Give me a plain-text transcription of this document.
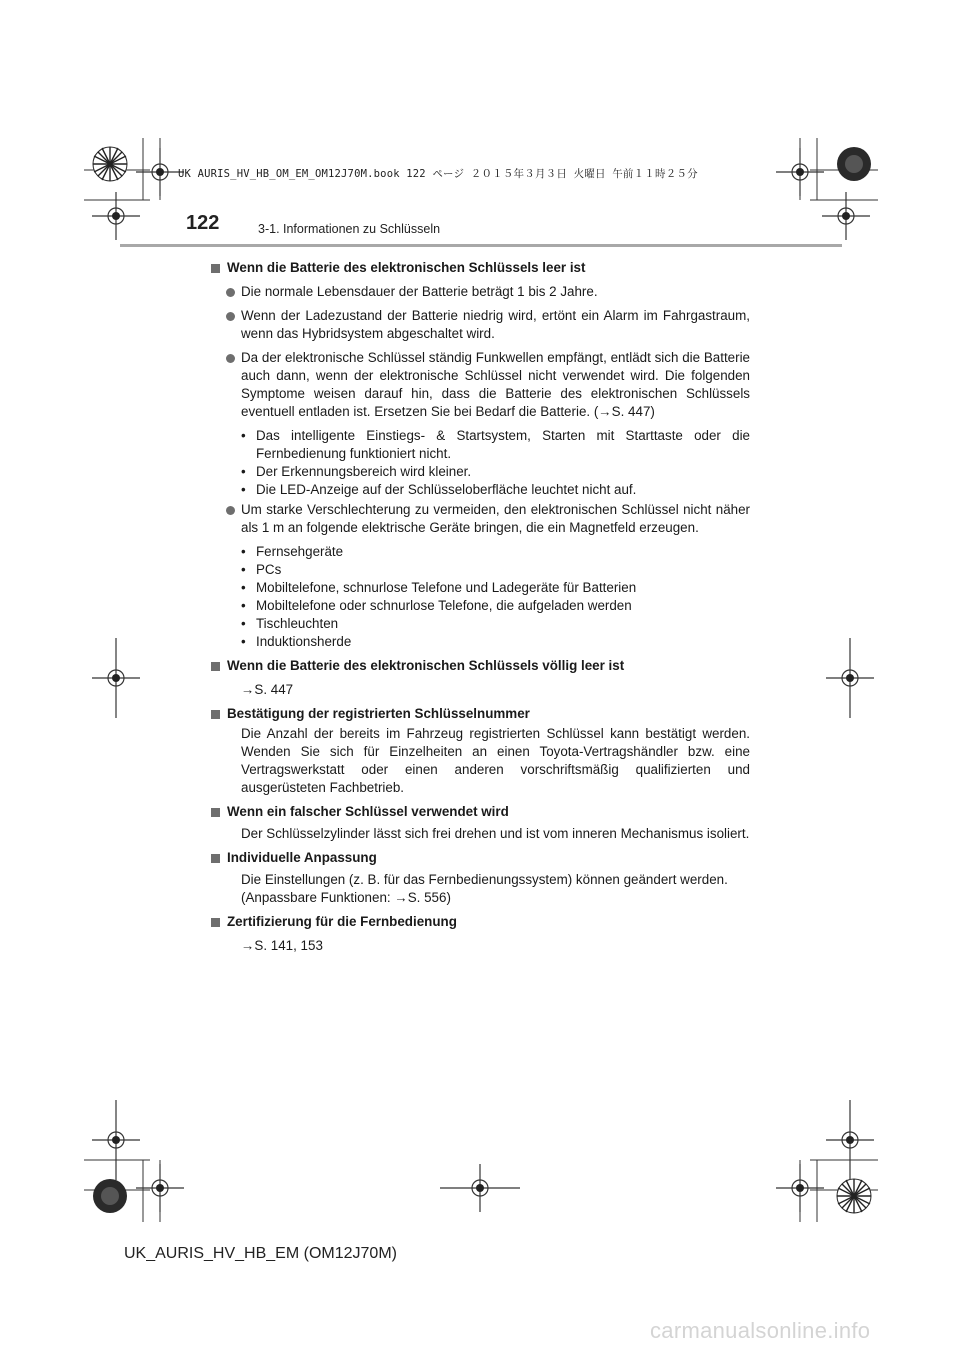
UK AURIS_HV_HB_OM_EM_OM12J70M.book 122 ページ ２０１５年３月３日 火曜日 午前１１時２５分
122	3-1. Informationen zu Schlüsseln
Wenn die Batterie des elektronischen Schlüssels leer ist
Die normale Lebensdauer der Batterie beträgt 1 bis 2 Jahre.
Wenn der Ladezustand der Batterie niedrig wird, ertönt ein Alarm im Fahrgastraum, wenn das Hybridsystem abgeschaltet wird.
Da der elektronische Schlüssel ständig Funkwellen empfängt, entlädt sich die Batterie auch dann, wenn der elektronische Schlüssel nicht verwendet wird. Die folgenden Symptome weisen darauf hin, dass die Batterie des elektronischen Schlüssels eventuell entladen ist. Ersetzen Sie bei Bedarf die Batterie. (→S. 447)
• Das intelligente Einstiegs- & Startsystem, Starten mit Starttaste oder die Fernbedienung funktioniert nicht.
• Der Erkennungsbereich wird kleiner.
• Die LED-Anzeige auf der Schlüsseloberfläche leuchtet nicht auf.
Um starke Verschlechterung zu vermeiden, den elektronischen Schlüssel nicht näher als 1 m an folgende elektrische Geräte bringen, die ein Magnetfeld erzeugen.
• Fernsehgeräte
• PCs
• Mobiltelefone, schnurlose Telefone und Ladegeräte für Batterien
• Mobiltelefone oder schnurlose Telefone, die aufgeladen werden
• Tischleuchten
• Induktionsherde
Wenn die Batterie des elektronischen Schlüssels völlig leer ist
→S. 447
Bestätigung der registrierten Schlüsselnummer
Die Anzahl der bereits im Fahrzeug registrierten Schlüssel kann bestätigt werden. Wenden Sie sich für Einzelheiten an einen Toyota-Vertragshändler bzw. eine Vertragswerkstatt oder einen anderen vorschriftsmäßig qualifizierten und ausgerüsteten Fachbetrieb.
Wenn ein falscher Schlüssel verwendet wird
Der Schlüsselzylinder lässt sich frei drehen und ist vom inneren Mechanismus isoliert.
Individuelle Anpassung
Die Einstellungen (z. B. für das Fernbedienungssystem) können geändert werden.
(Anpassbare Funktionen: →S. 556)
Zertifizierung für die Fernbedienung
→S. 141, 153
UK_AURIS_HV_HB_EM (OM12J70M)
carmanualsonline.info
